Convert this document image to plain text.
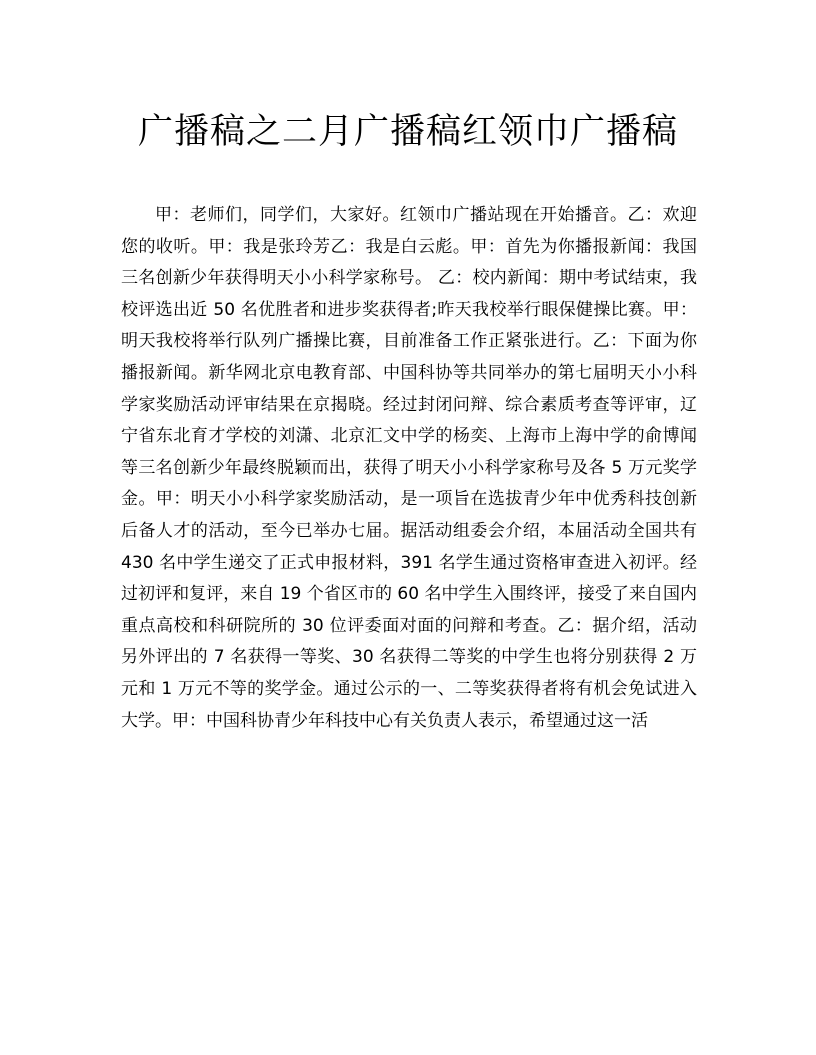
广播稿之二月广播稿红领巾广播稿

甲：老师们，同学们，大家好。红领巾广播站现在开始播音。乙：欢迎您的收听。甲：我是张玲芳乙：我是白云彪。甲：首先为你播报新闻：我国三名创新少年获得明天小小科学家称号。 乙：校内新闻：期中考试结束，我校评选出近 50 名优胜者和进步奖获得者;昨天我校举行眼保健操比赛。甲：明天我校将举行队列广播操比赛，目前准备工作正紧张进行。乙：下面为你播报新闻。新华网北京电教育部、中国科协等共同举办的第七届明天小小科学家奖励活动评审结果在京揭晓。经过封闭问辩、综合素质考查等评审，辽宁省东北育才学校的刘潇、北京汇文中学的杨奕、上海市上海中学的俞博闻等三名创新少年最终脱颖而出，获得了明天小小科学家称号及各 5 万元奖学金。甲：明天小小科学家奖励活动，是一项旨在选拔青少年中优秀科技创新后备人才的活动，至今已举办七届。据活动组委会介绍，本届活动全国共有 430 名中学生递交了正式申报材料，391 名学生通过资格审查进入初评。经过初评和复评，来自 19 个省区市的 60 名中学生入围终评，接受了来自国内重点高校和科研院所的 30 位评委面对面的问辩和考查。乙：据介绍，活动另外评出的 7 名获得一等奖、30 名获得二等奖的中学生也将分别获得 2 万元和 1 万元不等的奖学金。通过公示的一、二等奖获得者将有机会免试进入大学。甲：中国科协青少年科技中心有关负责人表示，希望通过这一活
